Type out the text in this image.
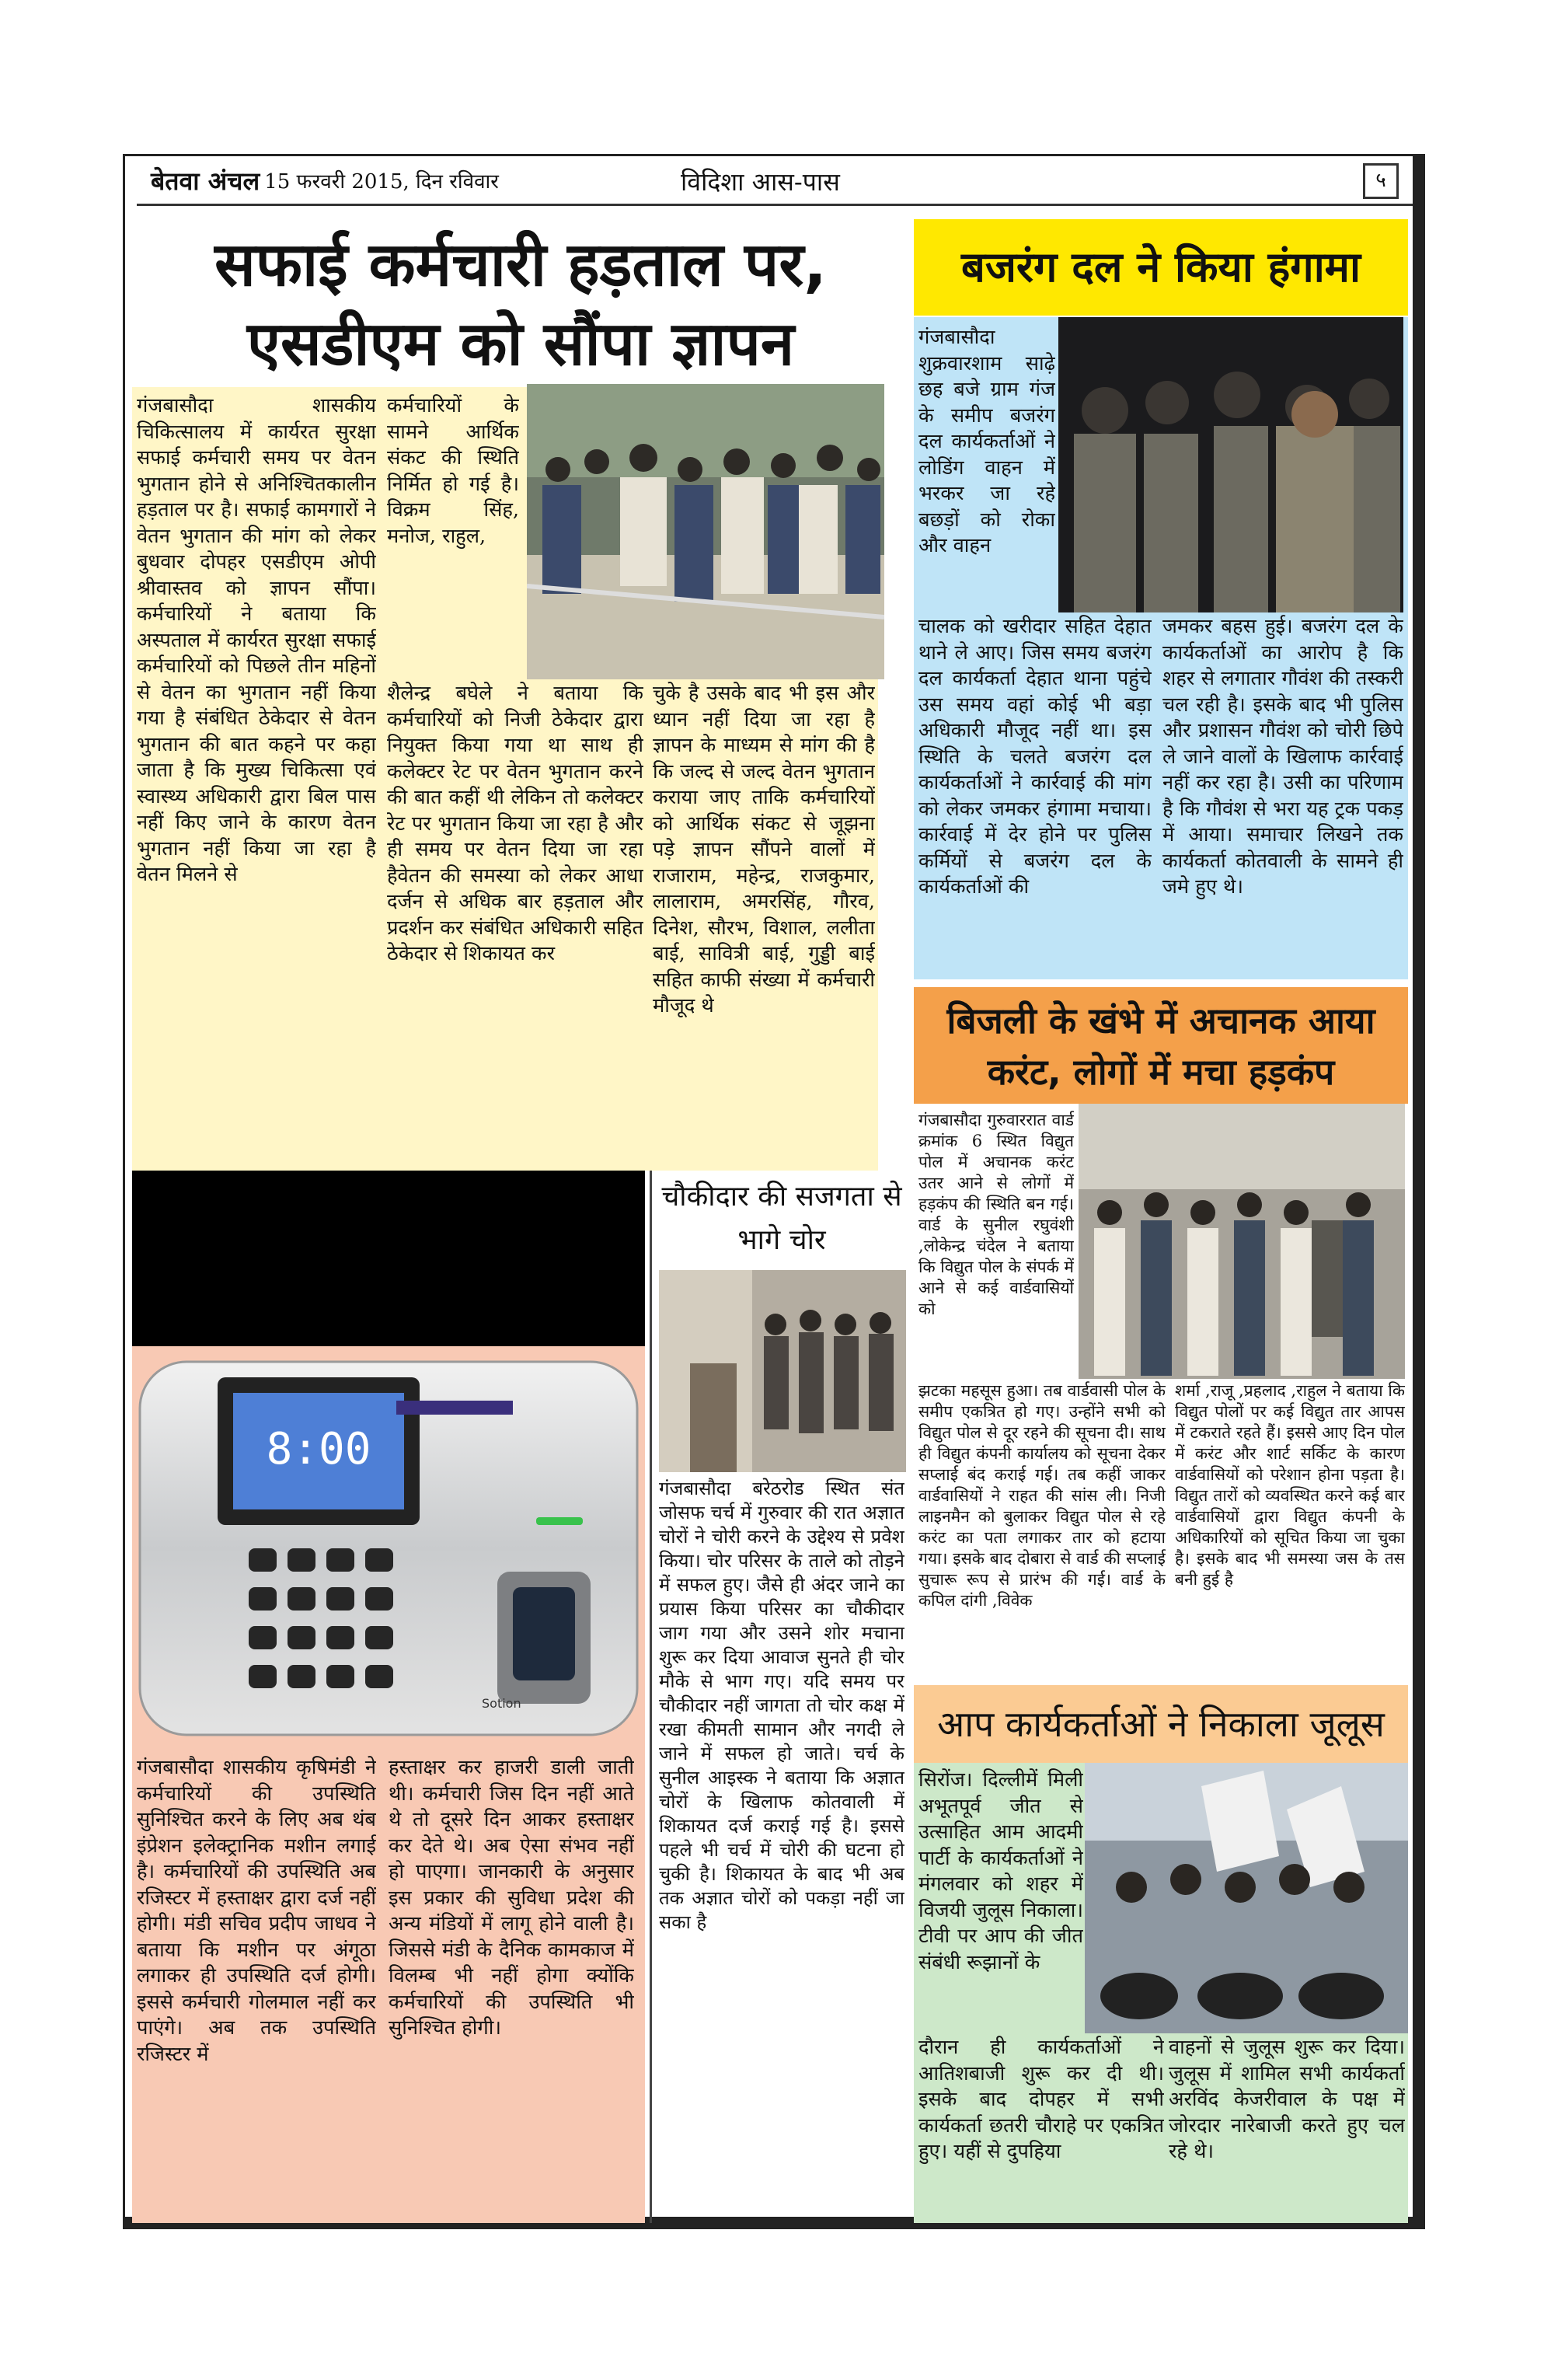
बेतवा अंचल 15 फरवरी 2015, दिन रविवार	विदिशा आस-पास	५
सफाई कर्मचारी हड़ताल पर, एसडीएम को सौंपा ज्ञापन
गंजबासौदा शासकीय चिकित्सालय में कार्यरत सुरक्षा सफाई कर्मचारी समय पर वेतन भुगतान होने से अनिश्चितकालीन हड़ताल पर है। सफाई कामगारों ने वेतन भुगतान की मांग को लेकर बुधवार दोपहर एसडीएम ओपी श्रीवास्तव को ज्ञापन सौंपा। कर्मचारियों ने बताया कि अस्पताल में कार्यरत सुरक्षा सफाई कर्मचारियों को पिछले तीन महिनों से वेतन का भुगतान नहीं किया गया है संबंधित ठेकेदार से वेतन भुगतान की बात कहने पर कहा जाता है कि मुख्य चिकित्सा एवं स्वास्थ्य अधिकारी द्वारा बिल पास नहीं किए जाने के कारण वेतन भुगतान नहीं किया जा रहा है वेतन मिलने से
कर्मचारियों के सामने आर्थिक संकट की स्थिति निर्मित हो गई है। विक्रम सिंह, मनोज, राहुल,
शैलेन्द्र बघेले ने बताया कि कर्मचारियों को निजी ठेकेदार द्वारा नियुक्त किया गया था साथ ही कलेक्टर रेट पर वेतन भुगतान करने की बात कहीं थी लेकिन तो कलेक्टर रेट पर भुगतान किया जा रहा है और ही समय पर वेतन दिया जा रहा हैवेतन की समस्या को लेकर आधा दर्जन से अधिक बार हड़ताल और प्रदर्शन कर संबंधित अधिकारी सहित ठेकेदार से शिकायत कर
चुके है उसके बाद भी इस और ध्यान नहीं दिया जा रहा है ज्ञापन के माध्यम से मांग की है कि जल्द से जल्द वेतन भुगतान कराया जाए ताकि कर्मचारियों को आर्थिक संकट से जूझना पड़े ज्ञापन सौंपने वालों में राजाराम, महेन्द्र, राजकुमार, लालाराम, अमरसिंह, गौरव, दिनेश, सौरभ, विशाल, ललीता बाई, सावित्री बाई, गुड्डी बाई सहित काफी संख्या में कर्मचारी मौजूद थे
बजरंग दल ने किया हंगामा
गंजबासौदा शुक्रवारशाम साढ़े छह बजे ग्राम गंज के समीप बजरंग दल कार्यकर्ताओं ने लोडिंग वाहन में भरकर जा रहे बछड़ों को रोका और वाहन
चालक को खरीदार सहित देहात थाने ले आए। जिस समय बजरंग दल कार्यकर्ता देहात थाना पहुंचे उस समय वहां कोई भी बड़ा अधिकारी मौजूद नहीं था। इस स्थिति के चलते बजरंग दल कार्यकर्ताओं ने कार्रवाई की मांग को लेकर जमकर हंगामा मचाया। कार्रवाई में देर होने पर पुलिस कर्मियों से बजरंग दल के कार्यकर्ताओं की
जमकर बहस हुई। बजरंग दल के कार्यकर्ताओं का आरोप है कि शहर से लगातार गौवंश की तस्करी चल रही है। इसके बाद भी पुलिस और प्रशासन गौवंश को चोरी छिपे ले जाने वालों के खिलाफ कार्रवाई नहीं कर रहा है। उसी का परिणाम है कि गौवंश से भरा यह ट्रक पकड़ में आया। समाचार लिखने तक कार्यकर्ता कोतवाली के सामने ही जमे हुए थे।
बिजली के खंभे में अचानक आया करंट, लोगों में मचा हड़कंप
गंजबासौदा गुरुवाररात वार्ड क्रमांक 6 स्थित विद्युत पोल में अचानक करंट उतर आने से लोगों में हड़कंप की स्थिति बन गई। वार्ड के सुनील रघुवंशी ,लोकेन्द्र चंदेल ने बताया कि विद्युत पोल के संपर्क में आने से कई वार्डवासियों को
झटका महसूस हुआ। तब वार्डवासी पोल के समीप एकत्रित हो गए। उन्होंने सभी को विद्युत पोल से दूर रहने की सूचना दी। साथ ही विद्युत कंपनी कार्यालय को सूचना देकर सप्लाई बंद कराई गई। तब कहीं जाकर वार्डवासियों ने राहत की सांस ली। निजी लाइनमैन को बुलाकर विद्युत पोल से रहे करंट का पता लगाकर तार को हटाया गया। इसके बाद दोबारा से वार्ड की सप्लाई सुचारू रूप से प्रारंभ की गई। वार्ड के कपिल दांगी ,विवेक
शर्मा ,राजू ,प्रहलाद ,राहुल ने बताया कि विद्युत पोलों पर कई विद्युत तार आपस में टकराते रहते हैं। इससे आए दिन पोल में करंट और शार्ट सर्किट के कारण वार्डवासियों को परेशान होना पड़ता है। विद्युत तारों को व्यवस्थित करने कई बार वार्डवासियों द्वारा विद्युत कंपनी के अधिकारियों को सूचित किया जा चुका है। इसके बाद भी समस्या जस के तस बनी हुई है
चौकीदार की सजगता से भागे चोर
गंजबासौदा बरेठरोड स्थित संत जोसफ चर्च में गुरुवार की रात अज्ञात चोरों ने चोरी करने के उद्देश्य से प्रवेश किया। चोर परिसर के ताले को तोड़ने में सफल हुए। जैसे ही अंदर जाने का प्रयास किया परिसर का चौकीदार जाग गया और उसने शोर मचाना शुरू कर दिया आवाज सुनते ही चोर मौके से भाग गए। यदि समय पर चौकीदार नहीं जागता तो चोर कक्ष में रखा कीमती सामान और नगदी ले जाने में सफल हो जाते। चर्च के सुनील आइस्क ने बताया कि अज्ञात चोरों के खिलाफ कोतवाली में शिकायत दर्ज कराई गई है। इससे पहले भी चर्च में चोरी की घटना हो चुकी है। शिकायत के बाद भी अब तक अज्ञात चोरों को पकड़ा नहीं जा सका है
8:00
Sotion
गंजबासौदा शासकीय कृषिमंडी ने कर्मचारियों की उपस्थिति सुनिश्चित करने के लिए अब थंब इंप्रेशन इलेक्ट्रानिक मशीन लगाई है। कर्मचारियों की उपस्थिति अब रजिस्टर में हस्ताक्षर द्वारा दर्ज नहीं होगी। मंडी सचिव प्रदीप जाधव ने बताया कि मशीन पर अंगूठा लगाकर ही उपस्थिति दर्ज होगी। इससे कर्मचारी गोलमाल नहीं कर पाएंगे। अब तक उपस्थिति रजिस्टर में
हस्ताक्षर कर हाजरी डाली जाती थी। कर्मचारी जिस दिन नहीं आते थे तो दूसरे दिन आकर हस्ताक्षर कर देते थे। अब ऐसा संभव नहीं हो पाएगा। जानकारी के अनुसार इस प्रकार की सुविधा प्रदेश की अन्य मंडियों में लागू होने वाली है। जिससे मंडी के दैनिक कामकाज में विलम्ब भी नहीं होगा क्योंकि कर्मचारियों की उपस्थिति भी सुनिश्चित होगी।
आप कार्यकर्ताओं ने निकाला जूलूस
सिरोंज। दिल्लीमें मिली अभूतपूर्व जीत से उत्साहित आम आदमी पार्टी के कार्यकर्ताओं ने मंगलवार को शहर में विजयी जुलूस निकाला। टीवी पर आप की जीत संबंधी रूझानों के
दौरान ही कार्यकर्ताओं ने आतिशबाजी शुरू कर दी थी। इसके बाद दोपहर में सभी कार्यकर्ता छतरी चौराहे पर एकत्रित हुए। यहीं से दुपहिया
वाहनों से जुलूस शुरू कर दिया। जुलूस में शामिल सभी कार्यकर्ता अरविंद केजरीवाल के पक्ष में जोरदार नारेबाजी करते हुए चल रहे थे।
